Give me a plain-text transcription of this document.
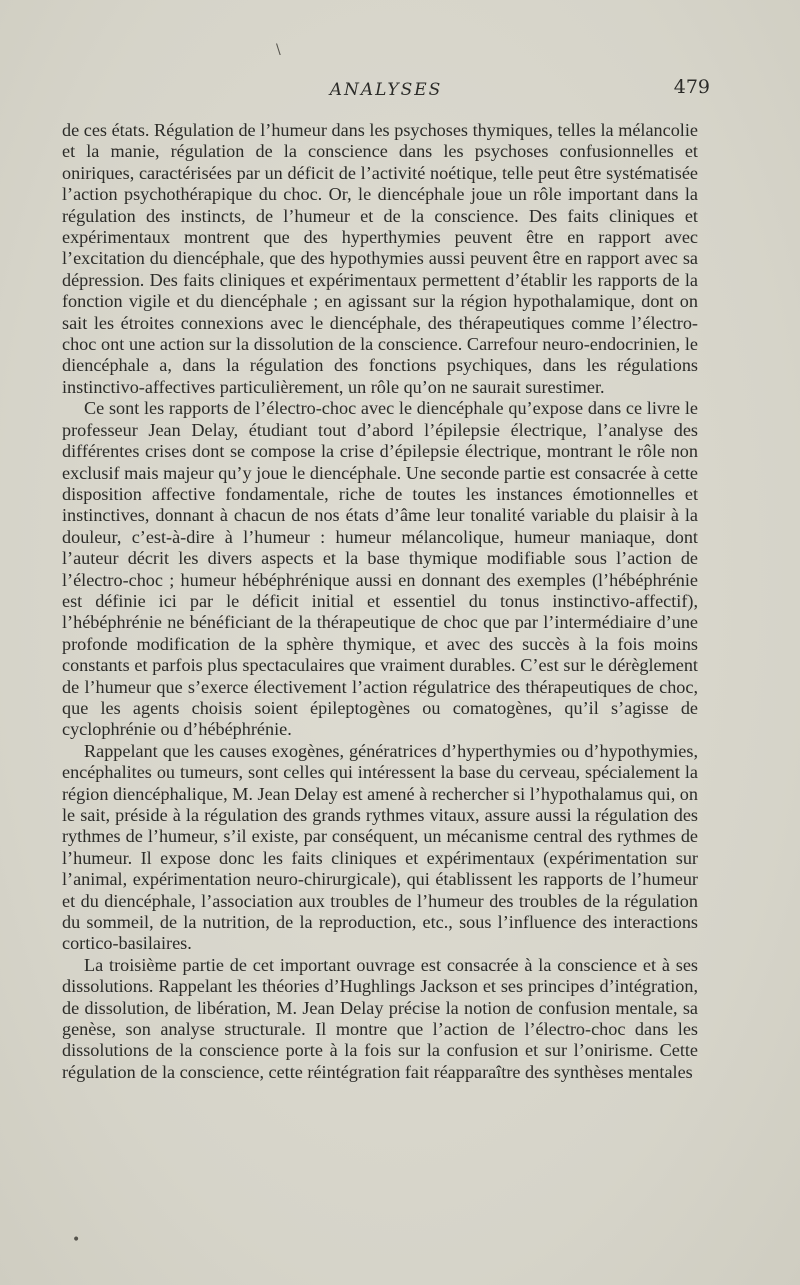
ANALYSES	479

de ces états. Régulation de l’humeur dans les psychoses thymiques, telles la mélancolie et la manie, régulation de la conscience dans les psychoses confusionnelles et oniriques, caractérisées par un déficit de l’activité noétique, telle peut être systématisée l’action psychothérapique du choc. Or, le diencéphale joue un rôle important dans la régulation des instincts, de l’humeur et de la conscience. Des faits cliniques et expérimentaux montrent que des hyperthymies peuvent être en rapport avec l’excitation du diencéphale, que des hypothymies aussi peuvent être en rapport avec sa dépression. Des faits cliniques et expérimentaux permettent d’établir les rapports de la fonction vigile et du diencéphale ; en agissant sur la région hypothalamique, dont on sait les étroites connexions avec le diencéphale, des thérapeutiques comme l’électro-choc ont une action sur la dissolution de la conscience. Carrefour neuro-endocrinien, le diencéphale a, dans la régulation des fonctions psychiques, dans les régulations instinctivo-affectives particulièrement, un rôle qu’on ne saurait surestimer.

Ce sont les rapports de l’électro-choc avec le diencéphale qu’expose dans ce livre le professeur Jean Delay, étudiant tout d’abord l’épilepsie électrique, l’analyse des différentes crises dont se compose la crise d’épilepsie électrique, montrant le rôle non exclusif mais majeur qu’y joue le diencéphale. Une seconde partie est consacrée à cette disposition affective fondamentale, riche de toutes les instances émotionnelles et instinctives, donnant à chacun de nos états d’âme leur tonalité variable du plaisir à la douleur, c’est-à-dire à l’humeur : humeur mélancolique, humeur maniaque, dont l’auteur décrit les divers aspects et la base thymique modifiable sous l’action de l’électro-choc ; humeur hébéphrénique aussi en donnant des exemples (l’hébéphrénie est définie ici par le déficit initial et essentiel du tonus instinctivo-affectif), l’hébéphrénie ne bénéficiant de la thérapeutique de choc que par l’intermédiaire d’une profonde modification de la sphère thymique, et avec des succès à la fois moins constants et parfois plus spectaculaires que vraiment durables. C’est sur le dérèglement de l’humeur que s’exerce électivement l’action régulatrice des thérapeutiques de choc, que les agents choisis soient épileptogènes ou comatogènes, qu’il s’agisse de cyclophrénie ou d’hébéphrénie.

Rappelant que les causes exogènes, génératrices d’hyperthymies ou d’hypothymies, encéphalites ou tumeurs, sont celles qui intéressent la base du cerveau, spécialement la région diencéphalique, M. Jean Delay est amené à rechercher si l’hypothalamus qui, on le sait, préside à la régulation des grands rythmes vitaux, assure aussi la régulation des rythmes de l’humeur, s’il existe, par conséquent, un mécanisme central des rythmes de l’humeur. Il expose donc les faits cliniques et expérimentaux (expérimentation sur l’animal, expérimentation neuro-chirurgicale), qui établissent les rapports de l’humeur et du diencéphale, l’association aux troubles de l’humeur des troubles de la régulation du sommeil, de la nutrition, de la reproduction, etc., sous l’influence des interactions cortico-basilaires.

La troisième partie de cet important ouvrage est consacrée à la conscience et à ses dissolutions. Rappelant les théories d’Hughlings Jackson et ses principes d’intégration, de dissolution, de libération, M. Jean Delay précise la notion de confusion mentale, sa genèse, son analyse structurale. Il montre que l’action de l’électro-choc dans les dissolutions de la conscience porte à la fois sur la confusion et sur l’onirisme. Cette régulation de la conscience, cette réintégration fait réapparaître des synthèses mentales

\
•
